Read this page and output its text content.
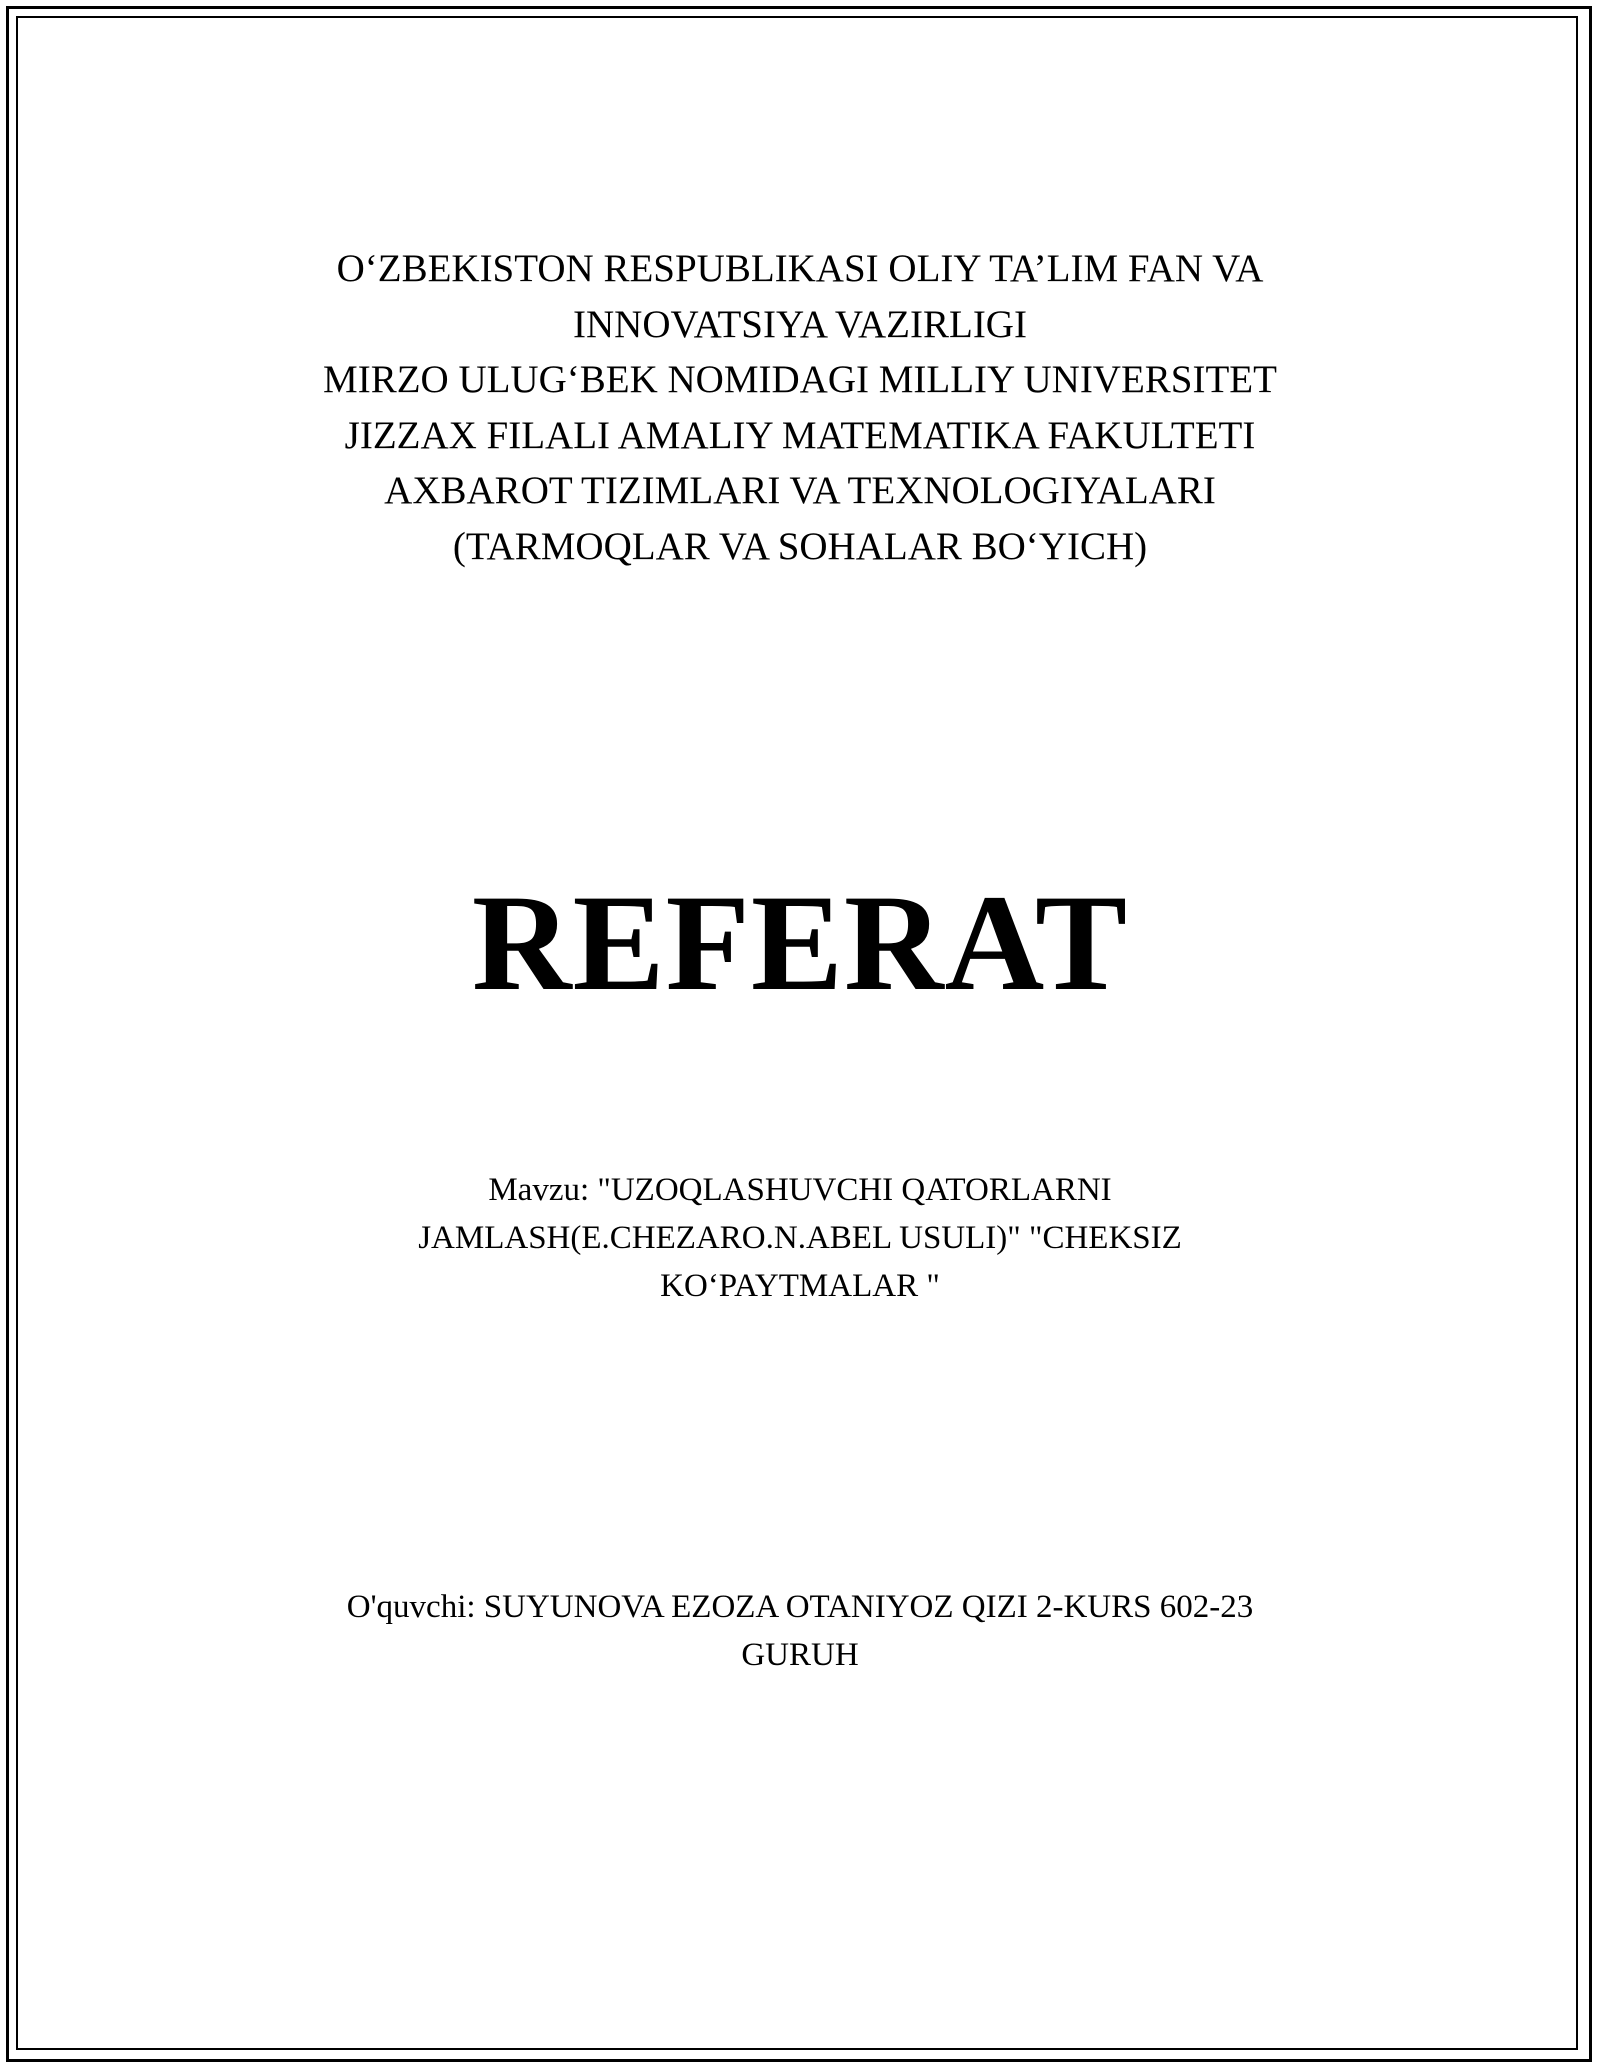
O‘ZBEKISTON RESPUBLIKASI OLIY TA’LIM FAN VA
INNOVATSIYA VAZIRLIGI
MIRZO ULUG‘BEK NOMIDAGI MILLIY UNIVERSITET
JIZZAX FILALI AMALIY MATEMATIKA FAKULTETI
AXBAROT TIZIMLARI VA TEXNOLOGIYALARI
(TARMOQLAR VA SOHALAR BO‘YICH)
REFERAT
Mavzu: "UZOQLASHUVCHI QATORLARNI
JAMLASH(E.CHEZARO.N.ABEL USULI)" "CHEKSIZ
KO‘PAYTMALAR "
O'quvchi: SUYUNOVA EZOZA OTANIYOZ QIZI 2-KURS 602-23
GURUH
